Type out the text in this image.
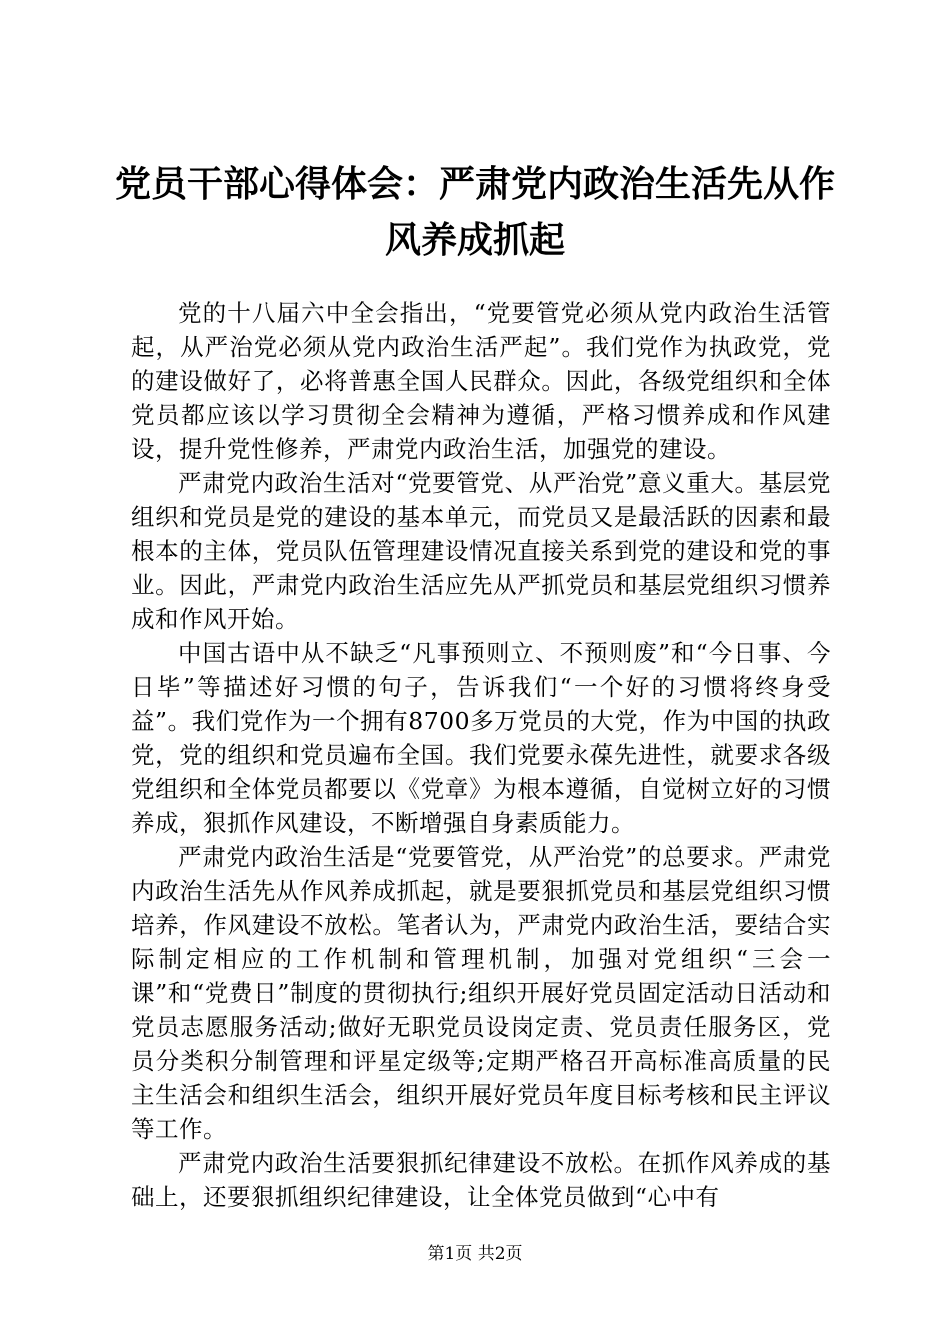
党员干部心得体会：严肃党内政治生活先从作
风养成抓起

党的十八届六中全会指出，“党要管党必须从党内政治生活管起，从严治党必须从党内政治生活严起”。我们党作为执政党，党的建设做好了，必将普惠全国人民群众。因此，各级党组织和全体党员都应该以学习贯彻全会精神为遵循，严格习惯养成和作风建设，提升党性修养，严肃党内政治生活，加强党的建设。

严肃党内政治生活对“党要管党、从严治党”意义重大。基层党组织和党员是党的建设的基本单元，而党员又是最活跃的因素和最根本的主体，党员队伍管理建设情况直接关系到党的建设和党的事业。因此，严肃党内政治生活应先从严抓党员和基层党组织习惯养成和作风开始。

中国古语中从不缺乏“凡事预则立、不预则废”和“今日事、今日毕”等描述好习惯的句子，告诉我们“一个好的习惯将终身受益”。我们党作为一个拥有8700多万党员的大党，作为中国的执政党，党的组织和党员遍布全国。我们党要永葆先进性，就要求各级党组织和全体党员都要以《党章》为根本遵循，自觉树立好的习惯养成，狠抓作风建设，不断增强自身素质能力。

严肃党内政治生活是“党要管党，从严治党”的总要求。严肃党内政治生活先从作风养成抓起，就是要狠抓党员和基层党组织习惯培养，作风建设不放松。笔者认为，严肃党内政治生活，要结合实际制定相应的工作机制和管理机制，加强对党组织“三会一课”和“党费日”制度的贯彻执行;组织开展好党员固定活动日活动和党员志愿服务活动;做好无职党员设岗定责、党员责任服务区，党员分类积分制管理和评星定级等;定期严格召开高标准高质量的民主生活会和组织生活会，组织开展好党员年度目标考核和民主评议等工作。

严肃党内政治生活要狠抓纪律建设不放松。在抓作风养成的基础上，还要狠抓组织纪律建设，让全体党员做到“心中有

第1页 共2页
